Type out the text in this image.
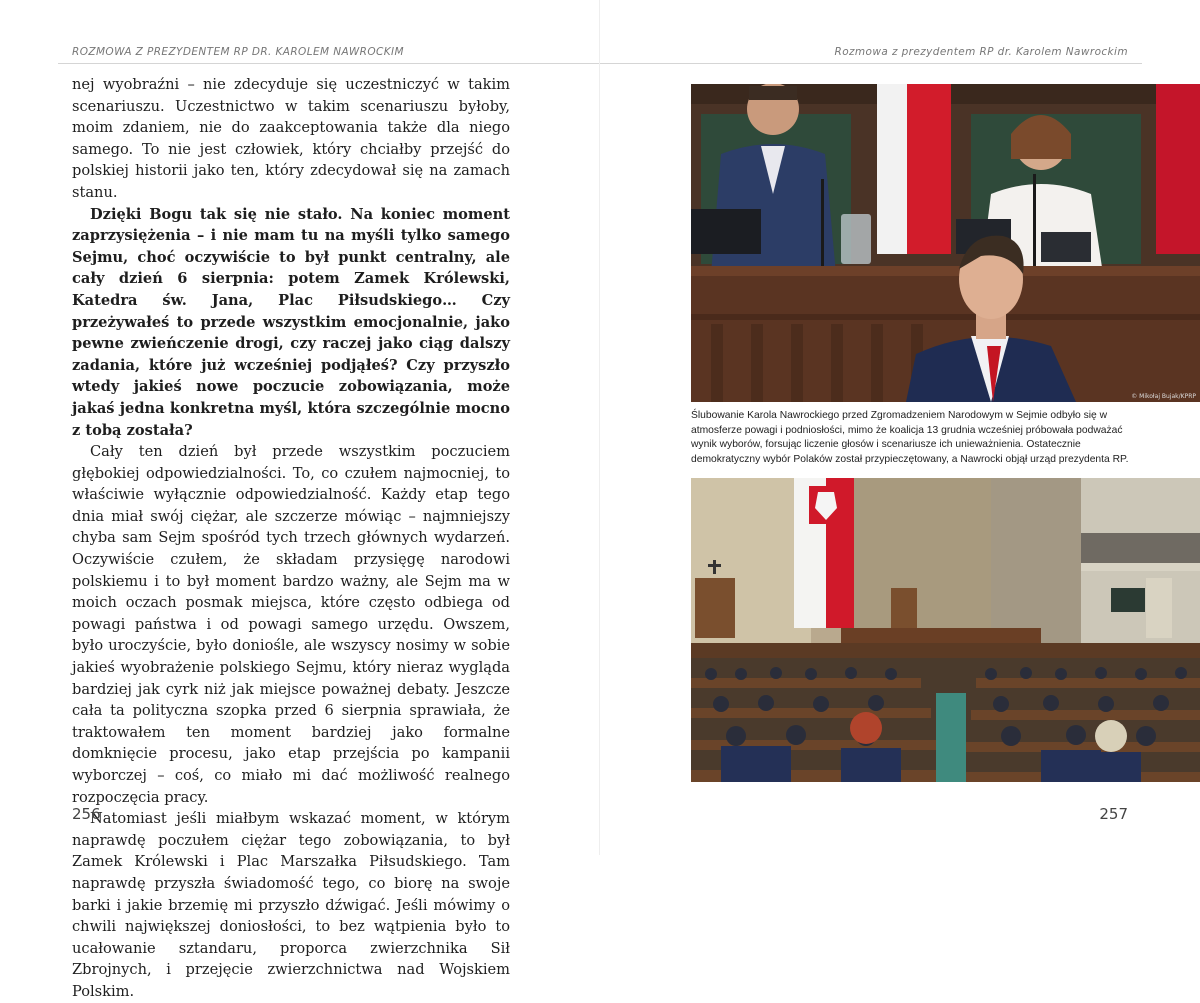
ROZMOWA Z PREZYDENTEM RP DR. KAROLEM NAWROCKIM

nej wyobraźni – nie zdecyduje się uczestniczyć w takim scenariuszu. Uczestnictwo w takim scenariuszu byłoby, moim zdaniem, nie do zaakceptowania także dla niego samego. To nie jest człowiek, który chciałby przejść do polskiej historii jako ten, który zdecydował się na zamach stanu.

Dzięki Bogu tak się nie stało. Na koniec moment zaprzysiężenia – i nie mam tu na myśli tylko samego Sejmu, choć oczywiście to był punkt centralny, ale cały dzień 6 sierpnia: potem Zamek Królewski, Katedra św. Jana, Plac Piłsudskiego… Czy przeżywałeś to przede wszystkim emocjonalnie, jako pewne zwieńczenie drogi, czy raczej jako ciąg dalszy zadania, które już wcześniej podjąłeś? Czy przyszło wtedy jakieś nowe poczucie zobowiązania, może jakaś jedna konkretna myśl, która szczególnie mocno z tobą została?

Cały ten dzień był przede wszystkim poczuciem głębokiej odpowiedzialności. To, co czułem najmocniej, to właściwie wyłącznie odpowiedzialność. Każdy etap tego dnia miał swój ciężar, ale szczerze mówiąc – najmniejszy chyba sam Sejm spośród tych trzech głównych wydarzeń. Oczywiście czułem, że składam przysięgę narodowi polskiemu i to był moment bardzo ważny, ale Sejm ma w moich oczach posmak miejsca, które często odbiega od powagi państwa i od powagi samego urzędu. Owszem, było uroczyście, było doniośle, ale wszyscy nosimy w sobie jakieś wyobrażenie polskiego Sejmu, który nieraz wygląda bardziej jak cyrk niż jak miejsce poważnej debaty. Jeszcze cała ta polityczna szopka przed 6 sierpnia sprawiała, że traktowałem ten moment bardziej jako formalne domknięcie procesu, jako etap przejścia po kampanii wyborczej – coś, co miało mi dać możliwość realnego rozpoczęcia pracy.

Natomiast jeśli miałbym wskazać moment, w którym naprawdę poczułem ciężar tego zobowiązania, to był Zamek Królewski i Plac Marszałka Piłsudskiego. Tam naprawdę przyszła świadomość tego, co biorę na swoje barki i jakie brzemię mi przyszło dźwigać. Jeśli mówimy o chwili największej doniosłości, to bez wątpienia było to ucałowanie sztandaru, proporca zwierzchnika Sił Zbrojnych, i przejęcie zwierzchnictwa nad Wojskiem Polskim.

256
Rozmowa z prezydentem RP dr. Karolem Nawrockim
© Mikołaj Bujak/KPRP

Ślubowanie Karola Nawrockiego przed Zgromadzeniem Narodowym w Sejmie odbyło się w atmosferze powagi i podniosłości, mimo że koalicja 13 grudnia wcześniej próbowała podważać wynik wyborów, forsując liczenie głosów i scenariusze ich unieważnienia. Ostatecznie demokratyczny wybór Polaków został przypieczętowany, a Nawrocki objął urząd prezydenta RP.

257
